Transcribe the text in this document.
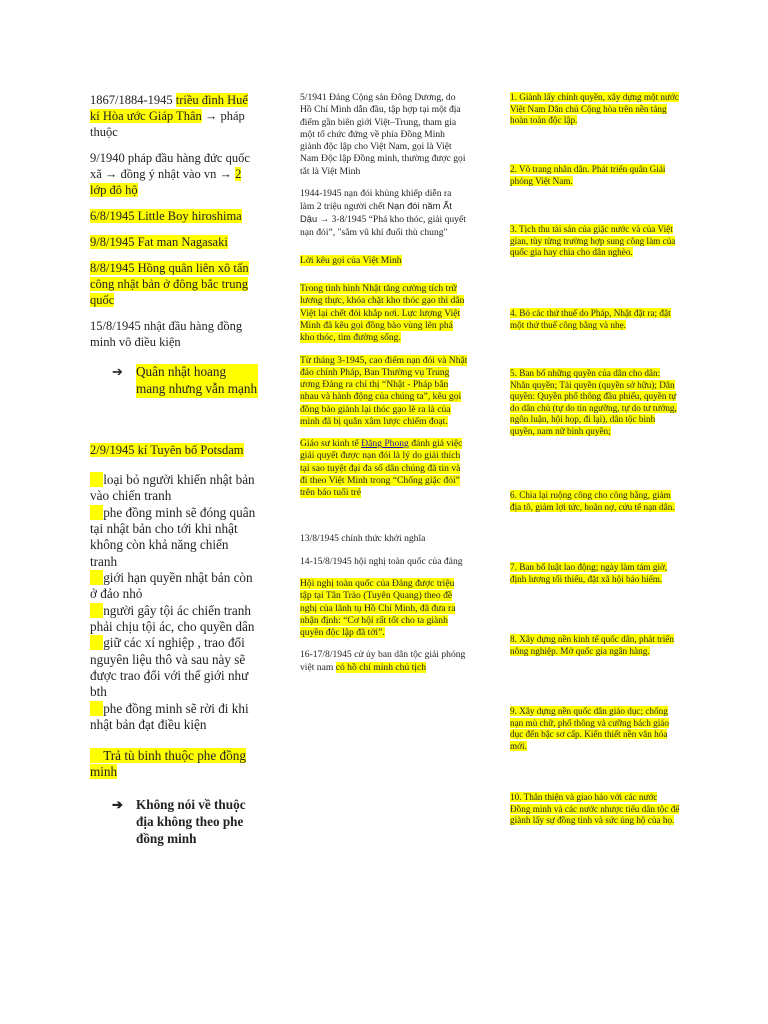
1867/1884-1945 triều đình Huế kí Hòa ước Giáp Thân → pháp thuộc

9/1940 pháp đầu hàng đức quốc xã → đồng ý nhật vào vn → 2 lớp đô hộ

6/8/1945 Little Boy hiroshima

9/8/1945 Fat man Nagasaki

8/8/1945 Hồng quân liên xô tấn công nhật bản ở đông bắc trung quốc

15/8/1945 nhật đầu hàng đồng minh vô điều kiện

➔ Quân nhật hoang mang nhưng vẫn mạnh

2/9/1945 kí Tuyên bố Potsdam

loại bỏ người khiến nhật bản vào chiến tranh

phe đồng minh sẽ đóng quân tại nhật bản cho tới khi nhật không còn khả năng chiến tranh

giới hạn quyền nhật bản còn ở đảo nhỏ

người gây tội ác chiến tranh phải chịu tội ác, cho quyền dân

giữ các xí nghiệp , trao đổi nguyên liệu thô và sau này sẽ được trao đổi với thế giới như bth

phe đồng minh sẽ rời đi khi nhật bản đạt điều kiện

Trả tù binh thuộc phe đồng minh

➔ Không nói về thuộc địa không theo phe đồng minh

5/1941 Đảng Cộng sản Đông Dương, do Hồ Chí Minh dẫn đầu, tập hợp tại một địa điểm gần biên giới Việt–Trung, tham gia một tổ chức đứng về phía Đồng Minh giành độc lập cho Việt Nam, gọi là Việt Nam Độc lập Đồng minh, thường được gọi tắt là Việt Minh

1944-1945 nạn đói khủng khiếp diễn ra làm 2 triệu người chết Nạn đói năm Ất Dậu → 3-8/1945 “Phá kho thóc, giải quyết nạn đói”, "sắm vũ khí đuổi thù chung"

Lời kêu gọi của Việt Minh

Trong tình hình Nhật tăng cường tích trữ lương thực, khóa chặt kho thóc gạo thì dân Việt lại chết đói khắp nơi. Lực lượng Việt Minh đã kêu gọi đồng bào vùng lên phá kho thóc, tìm đường sống.

Từ tháng 3-1945, cao điểm nạn đói và Nhật đảo chính Pháp, Ban Thường vụ Trung ương Đảng ra chỉ thị “Nhật - Pháp bắn nhau và hành động của chúng ta”, kêu gọi đồng bào giành lại thóc gạo lẽ ra là của mình đã bị quân xâm lược chiếm đoạt.

Giáo sư kinh tế Đặng Phong đánh giá việc giải quyết được nạn đói là lý do giải thích tại sao tuyệt đại đa số dân chúng đã tin và đi theo Việt Minh trong “Chống giặc đói” trên báo tuổi trẻ

13/8/1945 chính thức khởi nghĩa

14-15/8/1945 hội nghị toàn quốc của đảng

Hội nghị toàn quốc của Đảng được triệu tập tại Tân Trào (Tuyên Quang) theo đề nghị của lãnh tụ Hồ Chí Minh, đã đưa ra nhận định: “Cơ hội rất tốt cho ta giành quyền độc lập đã tới”.

16-17/8/1945 cử ủy ban dân tộc giải phóng việt nam có hồ chí minh chủ tịch

1. Giành lấy chính quyền, xây dựng một nước Việt Nam Dân chủ Cộng hòa trên nền tảng hoàn toàn độc lập.

2. Võ trang nhân dân. Phát triển quân Giải phóng Việt Nam.

3. Tịch thu tài sản của giặc nước và của Việt gian, tùy từng trường hợp sung công làm của quốc gia hay chia cho dân nghèo.

4. Bỏ các thứ thuế do Pháp, Nhật đặt ra; đặt một thứ thuế công bằng và nhẹ.

5. Ban bố những quyền của dân cho dân: Nhân quyền; Tài quyền (quyền sở hữu); Dân quyền: Quyền phổ thông đầu phiếu, quyền tự do dân chủ (tự do tín ngưỡng, tự do tư tưởng, ngôn luận, hội họp, đi lại), dân tộc bình quyền, nam nữ bình quyền;

6. Chia lại ruộng công cho công bằng, giảm địa tô, giảm lợi tức, hoãn nợ, cứu tế nạn dân.

7. Ban bố luật lao động; ngày làm tám giờ, định lương tối thiểu, đặt xã hội bảo hiểm.

8. Xây dựng nền kinh tế quốc dân, phát triển nông nghiệp. Mở quốc gia ngân hàng.

9. Xây dựng nền quốc dân giáo dục; chống nạn mù chữ, phổ thông và cưỡng bách giáo dục đến bậc sơ cấp. Kiến thiết nền văn hóa mới.

10. Thân thiện và giao hảo với các nước Đồng minh và các nước nhược tiểu dân tộc để giành lấy sự đồng tình và sức ủng hộ của họ.
